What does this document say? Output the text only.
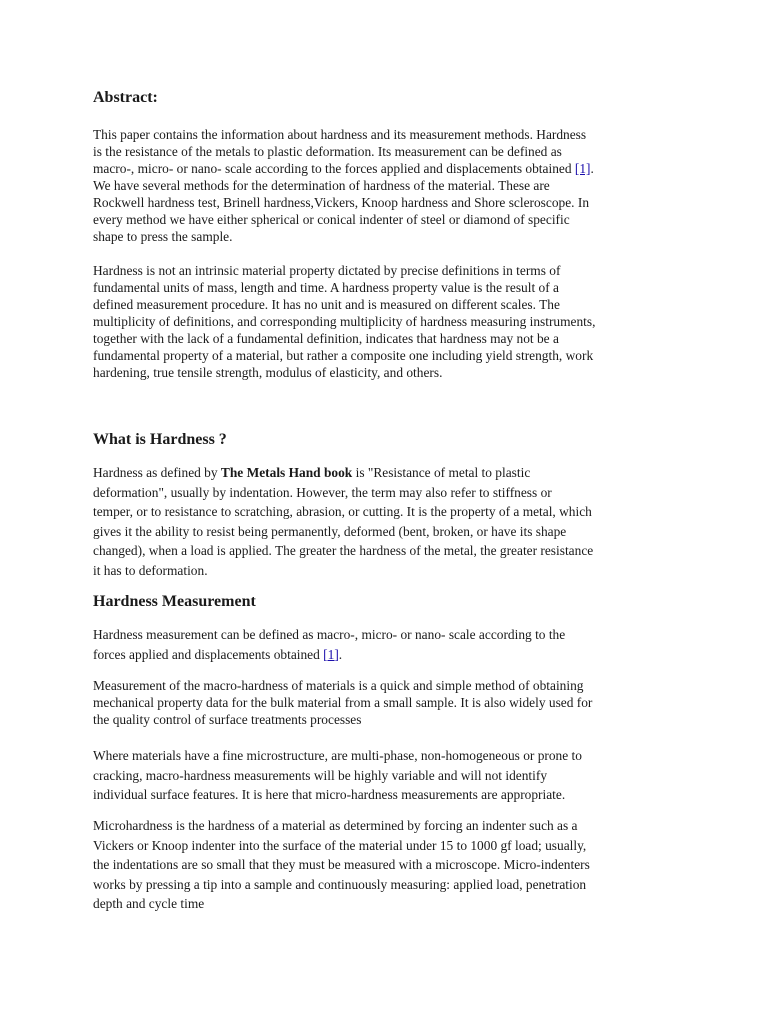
Abstract:

This paper contains the information about hardness and its measurement methods. Hardness
is the resistance of the metals to plastic deformation. Its measurement can be defined as
macro-, micro- or nano- scale according to the forces applied and displacements obtained [1].
We have several methods for the determination of hardness of the material. These are
Rockwell hardness test, Brinell hardness,Vickers, Knoop hardness and Shore scleroscope. In
every method we have either spherical or conical indenter of steel or diamond of specific
shape to press the sample.

Hardness is not an intrinsic material property dictated by precise definitions in terms of
fundamental units of mass, length and time. A hardness property value is the result of a
defined measurement procedure. It has no unit and is measured on different scales. The
multiplicity of definitions, and corresponding multiplicity of hardness measuring instruments,
together with the lack of a fundamental definition, indicates that hardness may not be a
fundamental property of a material, but rather a composite one including yield strength, work
hardening, true tensile strength, modulus of elasticity, and others.

What is Hardness ?

Hardness as defined by The Metals Hand book is "Resistance of metal to plastic
deformation", usually by indentation. However, the term may also refer to stiffness or
temper, or to resistance to scratching, abrasion, or cutting. It is the property of a metal, which
gives it the ability to resist being permanently, deformed (bent, broken, or have its shape
changed), when a load is applied. The greater the hardness of the metal, the greater resistance
it has to deformation.

Hardness Measurement

Hardness measurement can be defined as macro-, micro- or nano- scale according to the
forces applied and displacements obtained [1].

Measurement of the macro-hardness of materials is a quick and simple method of obtaining
mechanical property data for the bulk material from a small sample. It is also widely used for
the quality control of surface treatments processes

Where materials have a fine microstructure, are multi-phase, non-homogeneous or prone to
cracking, macro-hardness measurements will be highly variable and will not identify
individual surface features. It is here that micro-hardness measurements are appropriate.

Microhardness is the hardness of a material as determined by forcing an indenter such as a
Vickers or Knoop indenter into the surface of the material under 15 to 1000 gf load; usually,
the indentations are so small that they must be measured with a microscope. Micro-indenters
works by pressing a tip into a sample and continuously measuring: applied load, penetration
depth and cycle time
